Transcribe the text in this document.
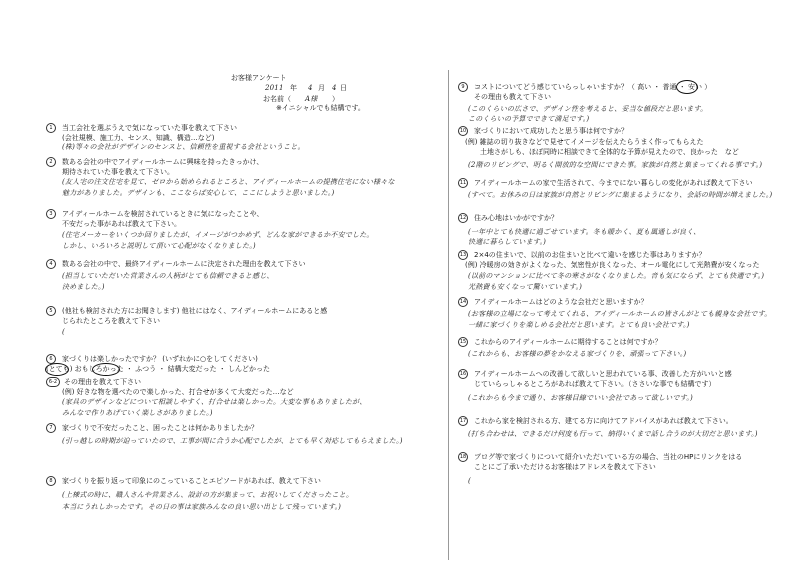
お客様アンケート
2011 年 4 月 4 日
お名前（ A様 ）
※イニシャルでも結構です。
1	当工会社を選ぶうえで気になっていた事を教えて下さい
(会社規模、施工力、センス、知識、構造…など)
(株)等々の会社がデザインのセンスと、信頼性を重視する会社ということ。
2	数ある会社の中でアイディールホームに興味を持ったきっかけ、
期待されていた事を教えて下さい。
(友人宅の注文住宅を見て、ゼロから始められるところと、アイディールホームの提携住宅にない様々な
魅力がありました。デザインも、ここならば安心して、ここにしようと思いました。)
3	アイディールホームを検討されているときに気になったことや、
不安だった事があれば教えて下さい。
(住宅メーカーをいくつか回りましたが、イメージがつかめず、どんな家ができるか不安でした。
しかし、いろいろと説明して頂いて心配がなくなりました。)
4	数ある会社の中で、最終アイディールホームに決定された理由を教えて下さい
(担当していただいた営業さんの人柄がとても信頼できると感じ、
決めました。)
5	(他社も検討された方にお聞きします) 他社にはなく、アイディールホームにあると感
じられたところを教えて下さい
(
6	家づくりは楽しかったですか？ (いずれかに○をしてください)
(とても) おもしろかった ・ ふつう ・ 結構大変だった ・ しんどかった
6-2 その理由を教えて下さい
(例) 好きな物を選べたので楽しかった、打合せが多くて大変だった…など
(家具のデザインなどについて相談しやすく、打合せは楽しかった。大変な事もありましたが、
みんなで作りあげていく楽しさがありました。)
7	家づくりで不安だったこと、困ったことは何かありましたか？
(引っ越しの時期が迫っていたので、工事が間に合うか心配でしたが、とても早く対応してもらえました。)
8	家づくりを振り返って印象にのこっていることエピソードがあれば、教えて下さい
(上棟式の時に、職人さんや営業さん、設計の方が集まって、お祝いしてくださったこと。
本当にうれしかったです。その日の事は家族みんなの良い思い出として残っています。)
9	コストについてどう感じていらっしゃいますか？（ 高い ・ 普通 ・ 安い ）
その理由も教えて下さい
(このくらいの広さで、デザイン性を考えると、妥当な値段だと思います。
このくらいの予算でできて満足です。)
10 家づくりにおいて成功したと思う事は何ですか？
(例) 雑誌の切り抜きなどで見せてイメージを伝えたらうまく作ってもらえた
土地さがしも、ほぼ同時に相談できて全体的な予算が見えたので、良かった　など
(2階のリビングで、明るく開放的な空間にできた事。家族が自然と集まってくれる事です。)
11 アイディールホームの家で生活されて、今までにない暮らしの変化があれば教えて下さい
(すべて。お休みの日は家族が自然とリビングに集まるようになり、会話の時間が増えました。)
12 住み心地はいかがですか？
(一年中とても快適に過ごせています。冬も暖かく、夏も風通しが良く、
快適に暮らしています。)
13 2×4の住まいで、以前のお住まいと比べて違いを感じた事はありますか？
(例) 冷暖房の効きがよくなった、気密性が良くなった、オール電化にして光熱費が安くなった
(以前のマンションに比べて冬の寒さがなくなりました。音も気にならず、とても快適です。)
光熱費も安くなって驚いています。)
14 アイディールホームはどのような会社だと思いますか？
(お客様の立場になって考えてくれる、アイディールホームの皆さんがとても親身な会社です。
一緒に家づくりを楽しめる会社だと思います。とても良い会社です。)
15 これからのアイディールホームに期待することは何ですか？
(これからも、お客様の夢をかなえる家づくりを、頑張って下さい。)
16 アイディールホームへの改善して欲しいと思われている事、改善した方がいいと感
じていらっしゃるところがあれば教えて下さい。（ささいな事でも結構です）
(これからも今まで通り、お客様目線でいい会社であって欲しいです。)
17 これから家を検討される方、建てる方に向けてアドバイスがあれば教えて下さい。
(打ち合わせは、できるだけ何度も行って、納得いくまで話し合うのが大切だと思います。)
18 ブログ等で家づくりについて紹介いただいている方の場合、当社のHPにリンクをはる
ことにご了承いただけるお客様はアドレスを教えて下さい
(
